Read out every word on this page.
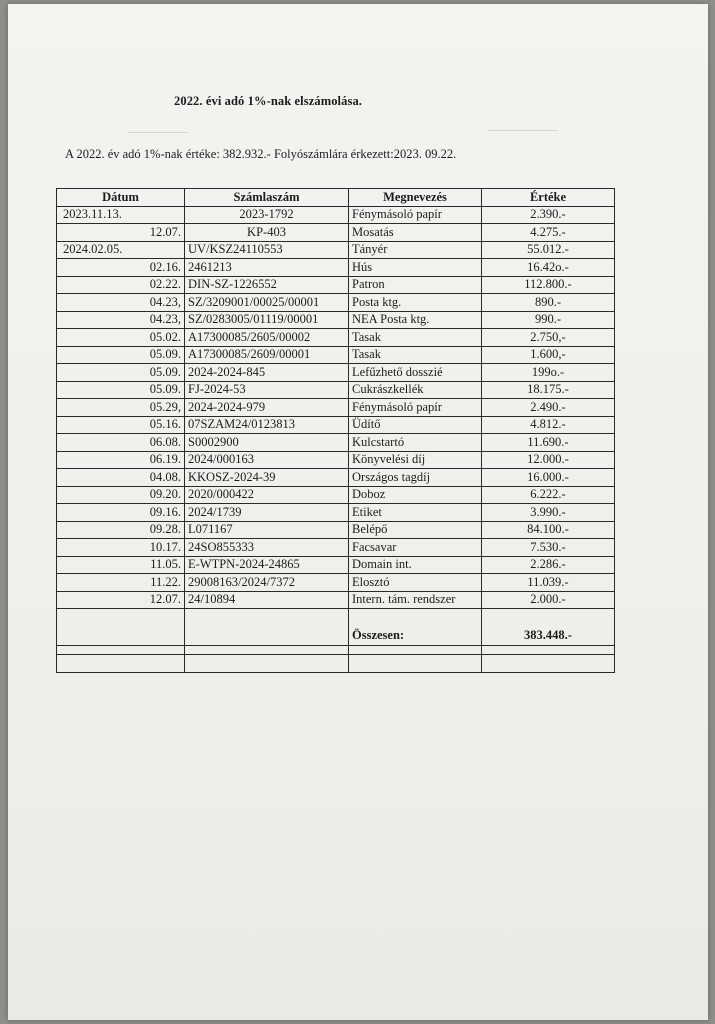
2022. évi adó 1%-nak elszámolása.
A 2022. év adó 1%-nak értéke: 382.932.- Folyószámlára érkezett:2023. 09.22.
Dátum	Számlaszám	Megnevezés	Értéke
2023.11.13.	2023-1792	Fénymásoló papír	2.390.-
12.07.	KP-403	Mosatás	4.275.-
2024.02.05.	UV/KSZ24110553	Tányér	55.012.-
02.16.	2461213	Hús	16.42o.-
02.22.	DIN-SZ-1226552	Patron	112.800.-
04.23,	SZ/3209001/00025/00001	Posta ktg.	890.-
04.23,	SZ/0283005/01119/00001	NEA Posta ktg.	990.-
05.02.	A17300085/2605/00002	Tasak	2.750,-
05.09.	A17300085/2609/00001	Tasak	1.600,-
05.09.	2024-2024-845	Lefűzhető dosszié	199o.-
05.09.	FJ-2024-53	Cukrászkellék	18.175.-
05.29,	2024-2024-979	Fénymásoló papír	2.490.-
05.16.	07SZAM24/0123813	Üdítő	4.812.-
06.08.	S0002900	Kulcstartó	11.690.-
06.19.	2024/000163	Könyvelési díj	12.000.-
04.08.	KKOSZ-2024-39	Országos tagdíj	16.000.-
09.20.	2020/000422	Doboz	6.222.-
09.16.	2024/1739	Etiket	3.990.-
09.28.	L071167	Belépő	84.100.-
10.17.	24SO855333	Facsavar	7.530.-
11.05.	E-WTPN-2024-24865	Domain int.	2.286.-
11.22.	29008163/2024/7372	Elosztó	11.039.-
12.07.	24/10894	Intern. tám. rendszer	2.000.-
		Összesen:	383.448.-
